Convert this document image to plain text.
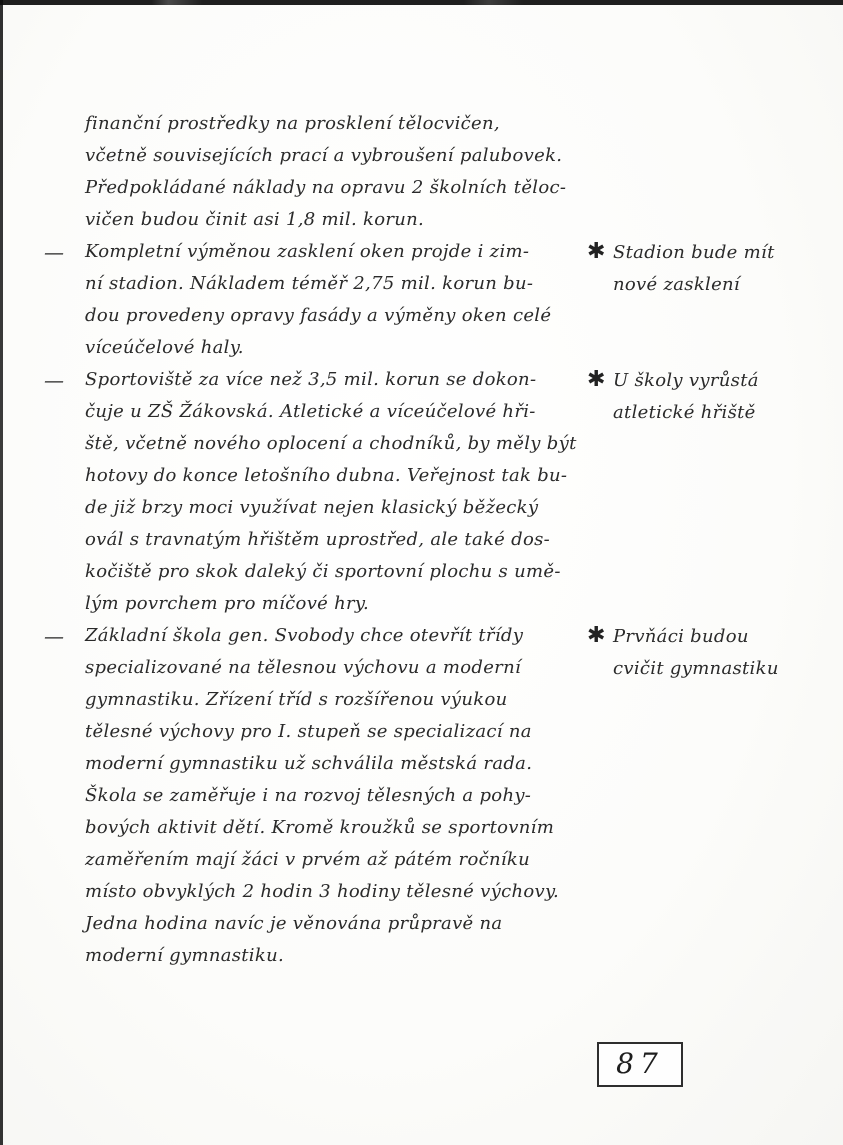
finanční prostředky na prosklení tělocvičen,

včetně souvisejících prací a vybroušení palubovek.

Předpokládané náklady na opravu 2 školních těloc-

vičen budou činit asi 1,8 mil. korun.

—	Kompletní výměnou zasklení oken projde i zim-

ní stadion. Nákladem téměř 2,75 mil. korun bu-

dou provedeny opravy fasády a výměny oken celé

víceúčelové haly.

✱ Stadion bude mít

nové zasklení

—	Sportoviště za více než 3,5 mil. korun se dokon-

čuje u ZŠ Žákovská. Atletické a víceúčelové hři-

ště, včetně nového oplocení a chodníků, by měly být

hotovy do konce letošního dubna. Veřejnost tak bu-

de již brzy moci využívat nejen klasický běžecký

ovál s travnatým hřištěm uprostřed, ale také dos-

kočiště pro skok daleký či sportovní plochu s umě-

lým povrchem pro míčové hry.

✱ U školy vyrůstá

atletické hřiště

—	Základní škola gen. Svobody chce otevřít třídy

specializované na tělesnou výchovu a moderní

gymnastiku. Zřízení tříd s rozšířenou výukou

tělesné výchovy pro I. stupeň se specializací na

moderní gymnastiku už schválila městská rada.

Škola se zaměřuje i na rozvoj tělesných a pohy-

bových aktivit dětí. Kromě kroužků se sportovním

zaměřením mají žáci v prvém až pátém ročníku

místo obvyklých 2 hodin 3 hodiny tělesné výchovy.

Jedna hodina navíc je věnována průpravě na

moderní gymnastiku.

✱ Prvňáci budou

cvičit gymnastiku

87
